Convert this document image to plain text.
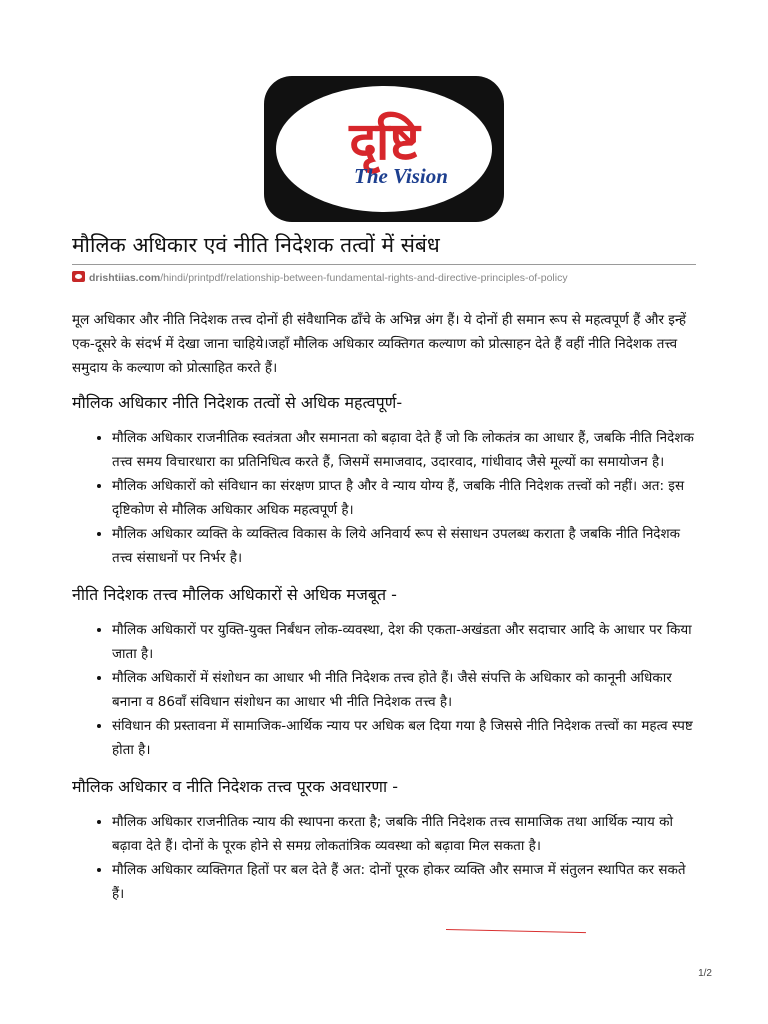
दृष्टि
The Vision
मौलिक अधिकार एवं नीति निदेशक तत्वों में संबंध
drishtiias.com/hindi/printpdf/relationship-between-fundamental-rights-and-directive-principles-of-policy

मूल अधिकार और नीति निदेशक तत्त्व दोनों ही संवैधानिक ढाँचे के अभिन्न अंग हैं। ये दोनों ही समान रूप से महत्वपूर्ण हैं और इन्हें एक-दूसरे के संदर्भ में देखा जाना चाहिये।जहाँ मौलिक अधिकार व्यक्तिगत कल्याण को प्रोत्साहन देते हैं वहीं नीति निदेशक तत्त्व समुदाय के कल्याण को प्रोत्साहित करते हैं।

मौलिक अधिकार नीति निदेशक तत्वों से अधिक महत्वपूर्ण-
• मौलिक अधिकार राजनीतिक स्वतंत्रता और समानता को बढ़ावा देते हैं जो कि लोकतंत्र का आधार हैं, जबकि नीति निदेशक तत्त्व समय विचारधारा का प्रतिनिधित्व करते हैं, जिसमें समाजवाद, उदारवाद, गांधीवाद जैसे मूल्यों का समायोजन है।
• मौलिक अधिकारों को संविधान का संरक्षण प्राप्त है और वे न्याय योग्य हैं, जबकि नीति निदेशक तत्त्वों को नहीं। अत: इस दृष्टिकोण से मौलिक अधिकार अधिक महत्वपूर्ण है।
• मौलिक अधिकार व्यक्ति के व्यक्तित्व विकास के लिये अनिवार्य रूप से संसाधन उपलब्ध कराता है जबकि नीति निदेशक तत्त्व संसाधनों पर निर्भर है।
नीति निदेशक तत्त्व मौलिक अधिकारों से अधिक मजबूत -
• मौलिक अधिकारों पर युक्ति-युक्त निर्बंधन लोक-व्यवस्था, देश की एकता-अखंडता और सदाचार आदि के आधार पर किया जाता है।
• मौलिक अधिकारों में संशोधन का आधार भी नीति निदेशक तत्त्व होते हैं। जैसे संपत्ति के अधिकार को कानूनी अधिकार बनाना व 86वाँ संविधान संशोधन का आधार भी नीति निदेशक तत्त्व है।
• संविधान की प्रस्तावना में सामाजिक-आर्थिक न्याय पर अधिक बल दिया गया है जिससे नीति निदेशक तत्त्वों का महत्व स्पष्ट होता है।
मौलिक अधिकार व नीति निदेशक तत्त्व पूरक अवधारणा -
• मौलिक अधिकार राजनीतिक न्याय की स्थापना करता है; जबकि नीति निदेशक तत्त्व सामाजिक तथा आर्थिक न्याय को बढ़ावा देते हैं। दोनों के पूरक होने से समग्र लोकतांत्रिक व्यवस्था को बढ़ावा मिल सकता है।
• मौलिक अधिकार व्यक्तिगत हितों पर बल देते हैं अत: दोनों पूरक होकर व्यक्ति और समाज में संतुलन स्थापित कर सकते हैं।
1/2
